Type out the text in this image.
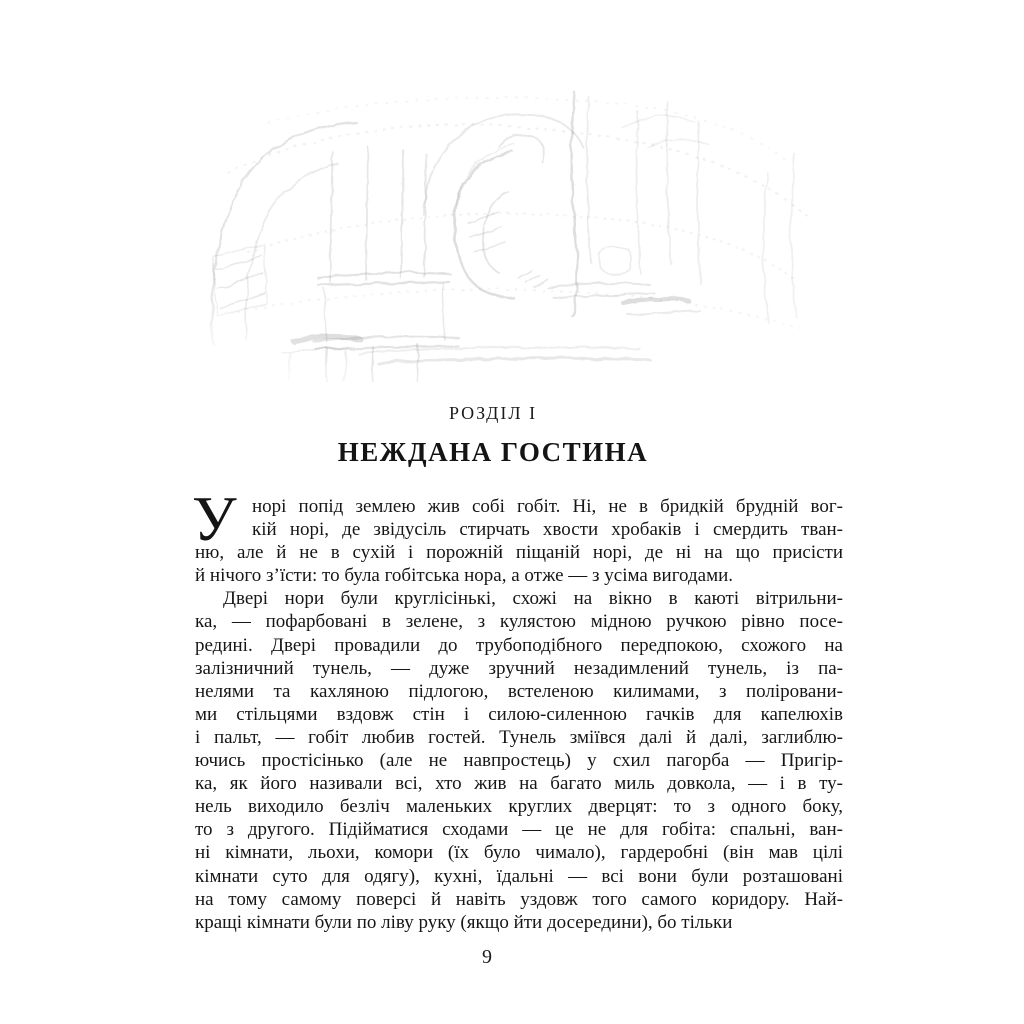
РОЗДІЛ I
НЕЖДАНА ГОСТИНА
У норі попід землею жив собі гобіт. Ні, не в бридкій брудній вог-
кій норі, де звідусіль стирчать хвости хробаків і смердить тван-
ню, але й не в сухій і порожній піщаній норі, де ні на що присісти
й нічого з’їсти: то була гобітська нора, а отже — з усіма вигодами.
Двері нори були круглісінькі, схожі на вікно в каюті вітрильни-
ка, — пофарбовані в зелене, з кулястою мідною ручкою рівно посе-
редині. Двері провадили до трубоподібного передпокою, схожого на
залізничний тунель, — дуже зручний незадимлений тунель, із па-
нелями та кахляною підлогою, встеленою килимами, з поліровани-
ми стільцями вздовж стін і силою-силенною гачків для капелюхів
і пальт, — гобіт любив гостей. Тунель зміївся далі й далі, заглиблю-
ючись простісінько (але не навпростець) у схил пагорба — Пригір-
ка, як його називали всі, хто жив на багато миль довкола, — і в ту-
нель виходило безліч маленьких круглих дверцят: то з одного боку,
то з другого. Підійматися сходами — це не для гобіта: спальні, ван-
ні кімнати, льохи, комори (їх було чимало), гардеробні (він мав цілі
кімнати суто для одягу), кухні, їдальні — всі вони були розташовані
на тому самому поверсі й навіть уздовж того самого коридору. Най-
кращі кімнати були по ліву руку (якщо йти досередини), бо тільки
9
